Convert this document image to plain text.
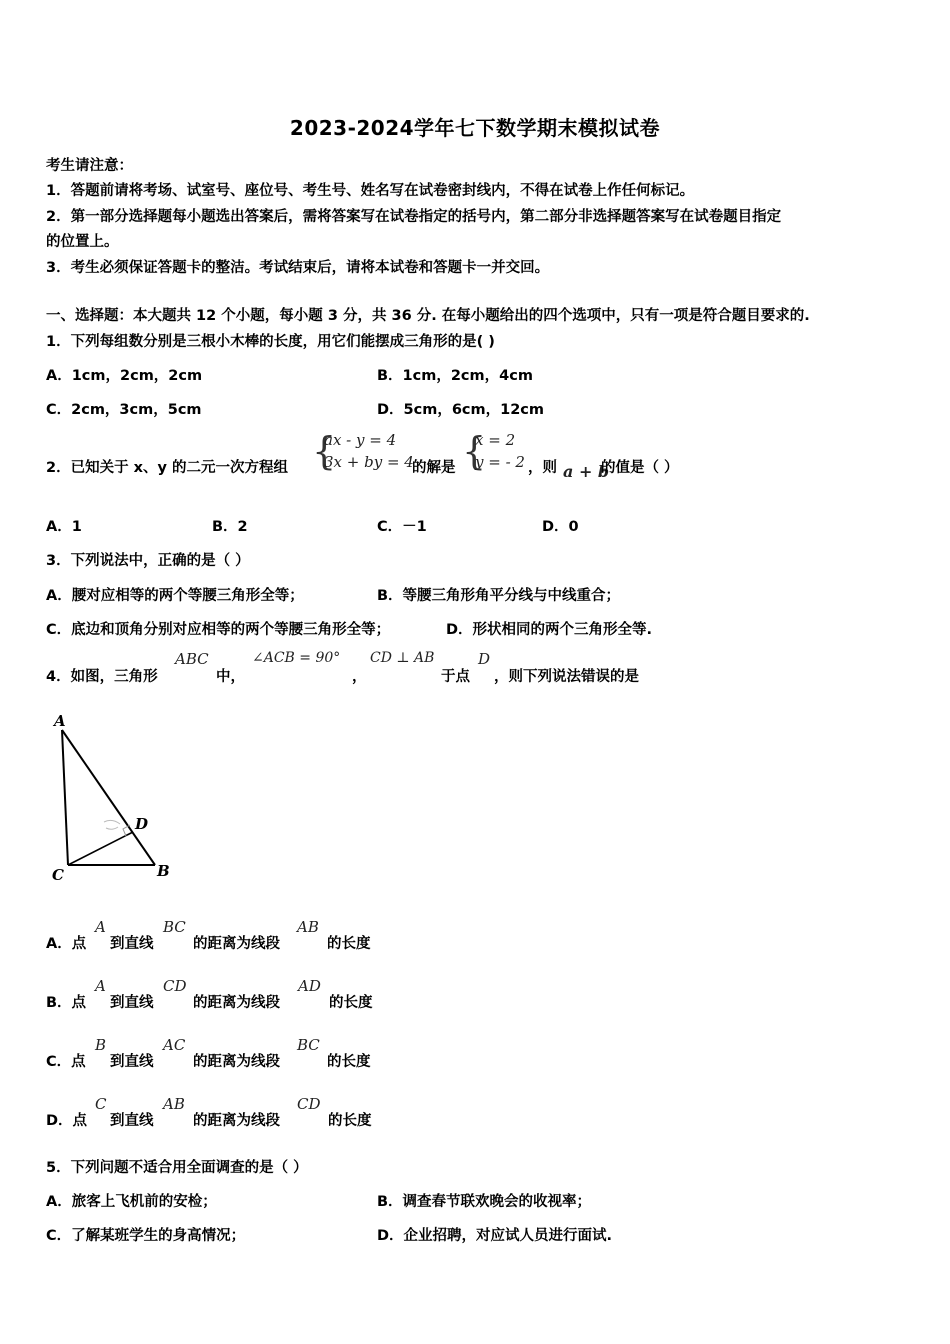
2023-2024学年七下数学期末模拟试卷
考生请注意：
1．答题前请将考场、试室号、座位号、考生号、姓名写在试卷密封线内，不得在试卷上作任何标记。
2．第一部分选择题每小题选出答案后，需将答案写在试卷指定的括号内，第二部分非选择题答案写在试卷题目指定
的位置上。
3．考生必须保证答题卡的整洁。考试结束后，请将本试卷和答题卡一并交回。
一、选择题：本大题共 12 个小题，每小题 3 分，共 36 分. 在每小题给出的四个选项中，只有一项是符合题目要求的.
1．下列每组数分别是三根小木棒的长度，用它们能摆成三角形的是( )
A．1cm，2cm，2cm	B．1cm，2cm，4cm
C．2cm，3cm，5cm	D．5cm，6cm，12cm
2．已知关于 x、y 的二元一次方程组 {
ax - y = 4
3x + by = 4
的解是 {
x = 2
y = - 2 ，则 a + b
的值是（ ）
A．1	B．2	C．－1	D．0
3．下列说法中，正确的是（ ）
A．腰对应相等的两个等腰三角形全等；	B．等腰三角形角平分线与中线重合；
C．底边和顶角分别对应相等的两个等腰三角形全等；	D．形状相同的两个三角形全等.
4．如图，三角形
ABC
中，
∠ACB = 90°
，
CD ⊥ AB
于点
D
，则下列说法错误的是
A
D
C	B
A．点
A
到直线
BC
的距离为线段
AB
的长度
B．点
A
到直线
CD
的距离为线段
AD
的长度
C．点
B
到直线
AC
的距离为线段
BC
的长度
D．点
C
到直线
AB
的距离为线段
CD
的长度
5．下列问题不适合用全面调查的是（ ）
A．旅客上飞机前的安检；	B．调查春节联欢晚会的收视率；
C．了解某班学生的身高情况；	D．企业招聘，对应试人员进行面试.
